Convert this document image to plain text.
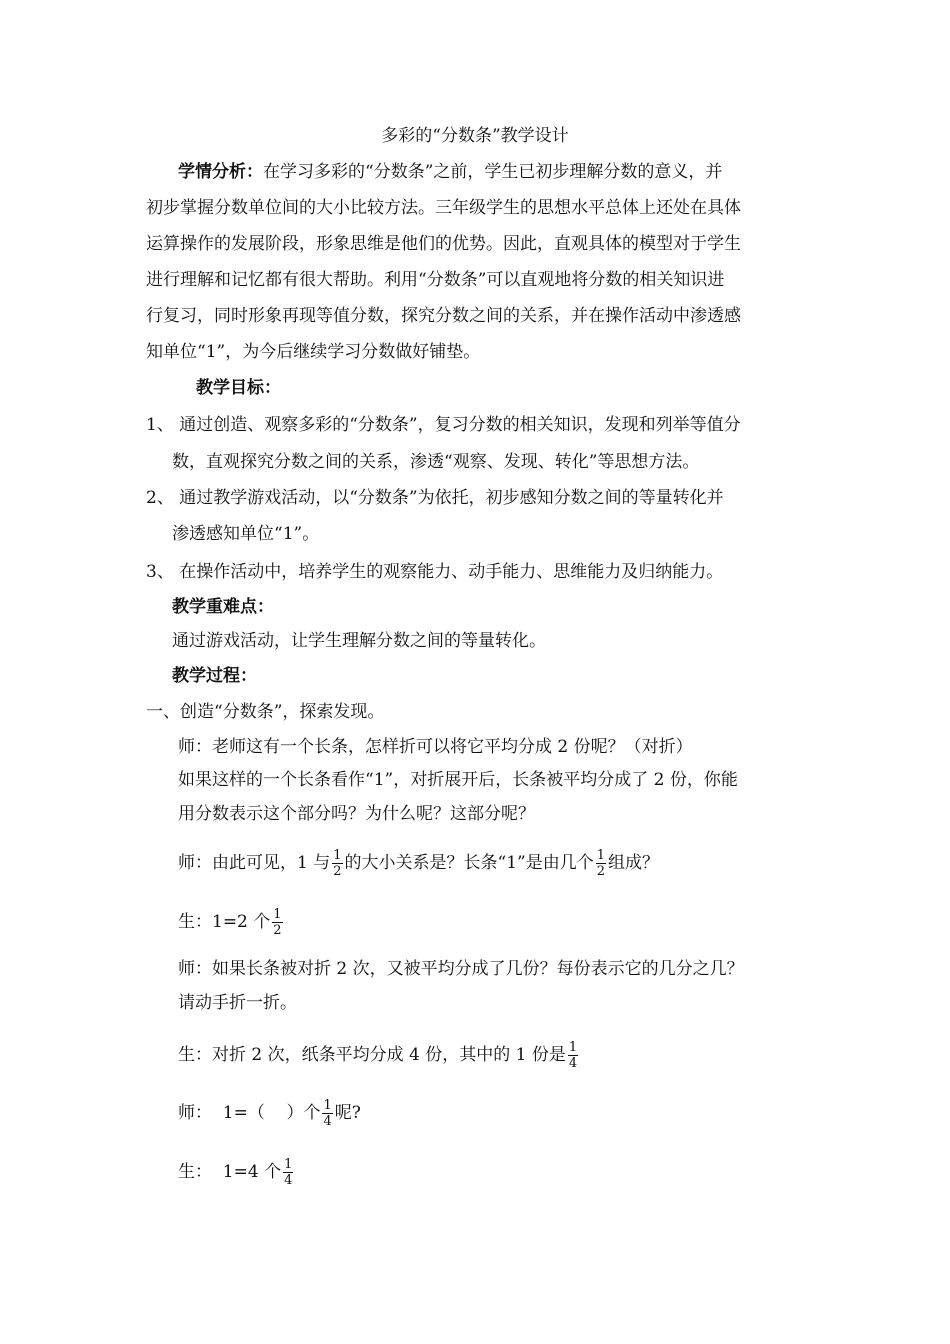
多彩的“分数条”教学设计
学情分析：在学习多彩的“分数条”之前，学生已初步理解分数的意义，并
初步掌握分数单位间的大小比较方法。三年级学生的思想水平总体上还处在具体
运算操作的发展阶段，形象思维是他们的优势。因此，直观具体的模型对于学生
进行理解和记忆都有很大帮助。利用“分数条”可以直观地将分数的相关知识进
行复习，同时形象再现等值分数，探究分数之间的关系，并在操作活动中渗透感
知单位“1”，为今后继续学习分数做好铺垫。
教学目标：
1、 通过创造、观察多彩的“分数条”，复习分数的相关知识，发现和列举等值分
数，直观探究分数之间的关系，渗透“观察、发现、转化”等思想方法。
2、 通过教学游戏活动，以“分数条”为依托，初步感知分数之间的等量转化并
渗透感知单位“1”。
3、 在操作活动中，培养学生的观察能力、动手能力、思维能力及归纳能力。
教学重难点：
通过游戏活动，让学生理解分数之间的等量转化。
教学过程：
一、创造“分数条”，探索发现。
师：老师这有一个长条，怎样折可以将它平均分成 2 份呢？（对折）
如果这样的一个长条看作“1”，对折展开后，长条被平均分成了 2 份，你能
用分数表示这个部分吗？为什么呢？这部分呢？
师：由此可见，1 与 $\frac{1}{2}$ 的大小关系是？长条“1”是由几个 $\frac{1}{2}$ 组成？
生：1=2 个 $\frac{1}{2}$
师：如果长条被对折 2 次，又被平均分成了几份？每份表示它的几分之几？
请动手折一折。
生：对折 2 次，纸条平均分成 4 份，其中的 1 份是 $\frac{1}{4}$
师：  1=（    ）个 $\frac{1}{4}$ 呢?
生：  1=4 个 $\frac{1}{4}$
